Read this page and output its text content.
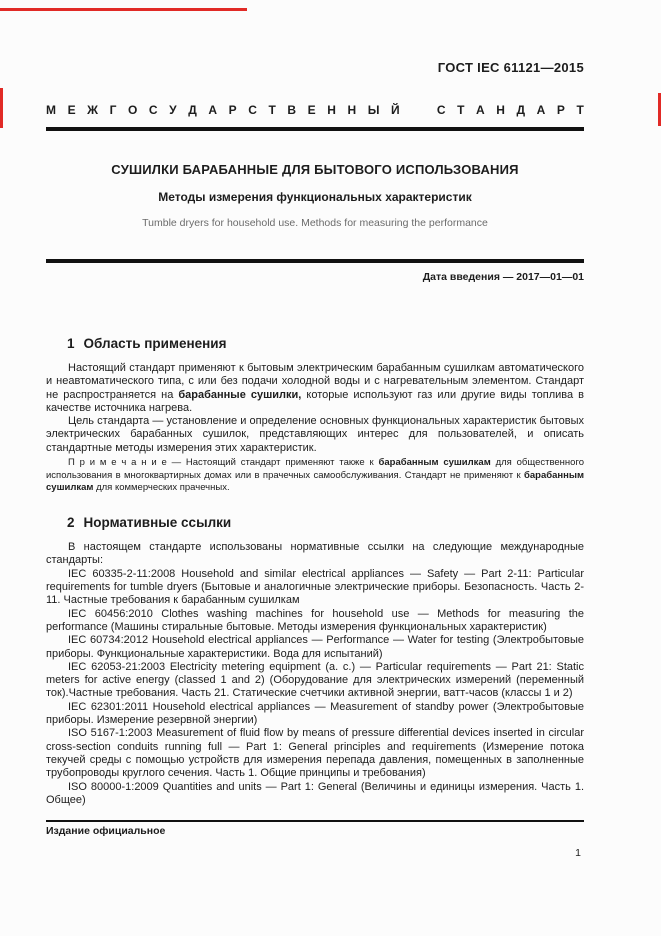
ГОСТ IEC 61121—2015
М Е Ж Г О С У Д А Р С Т В Е Н Н Ы Й
	С Т А Н Д А Р Т
СУШИЛКИ БАРАБАННЫЕ ДЛЯ БЫТОВОГО ИСПОЛЬЗОВАНИЯ
Методы измерения функциональных характеристик
Tumble dryers for household use. Methods for measuring the performance
Дата введения — 2017—01—01
1 Область применения

Настоящий стандарт применяют к бытовым электрическим барабанным сушилкам автоматического и неавтоматического типа, с или без подачи холодной воды и с нагревательным элементом. Стандарт не распространяется на барабанные сушилки, которые используют газ или другие виды топлива в качестве источника нагрева.

Цель стандарта — установление и определение основных функциональных характеристик бытовых электрических барабанных сушилок, представляющих интерес для пользователей, и описать стандартные методы измерения этих характеристик.

П р и м е ч а н и е — Настоящий стандарт применяют также к барабанным сушилкам для общественного использования в многоквартирных домах или в прачечных самообслуживания. Стандарт не применяют к барабанным сушилкам для коммерческих прачечных.

2 Нормативные ссылки

В настоящем стандарте использованы нормативные ссылки на следующие международные стандарты:

IEC 60335-2-11:2008 Household and similar electrical appliances — Safety — Part 2-11: Particular requirements for tumble dryers (Бытовые и аналогичные электрические приборы. Безопасность. Часть 2-11. Частные требования к барабанным сушилкам

IEC 60456:2010 Clothes washing machines for household use — Methods for measuring the performance (Машины стиральные бытовые. Методы измерения функциональных характеристик)

IEC 60734:2012 Household electrical appliances — Performance — Water for testing (Электробытовые приборы. Функциональные характеристики. Вода для испытаний)

IEC 62053-21:2003 Electricity metering equipment (a. c.) — Particular requirements — Part 21: Static meters for active energy (classed 1 and 2) (Оборудование для электрических измерений (переменный ток).Частные требования. Часть 21. Статические счетчики активной энергии, ватт-часов (классы 1 и 2)

IEC 62301:2011 Household electrical appliances — Measurement of standby power (Электробытовые приборы. Измерение резервной энергии)

ISO 5167-1:2003 Measurement of fluid flow by means of pressure differential devices inserted in circular cross-section conduits running full — Part 1: General principles and requirements (Измерение потока текучей среды с помощью устройств для измерения перепада давления, помещенных в заполненные трубопроводы круглого сечения. Часть 1. Общие принципы и требования)

ISO 80000-1:2009 Quantities and units — Part 1: General (Величины и единицы измерения. Часть 1. Общее)

Издание официальное
1
